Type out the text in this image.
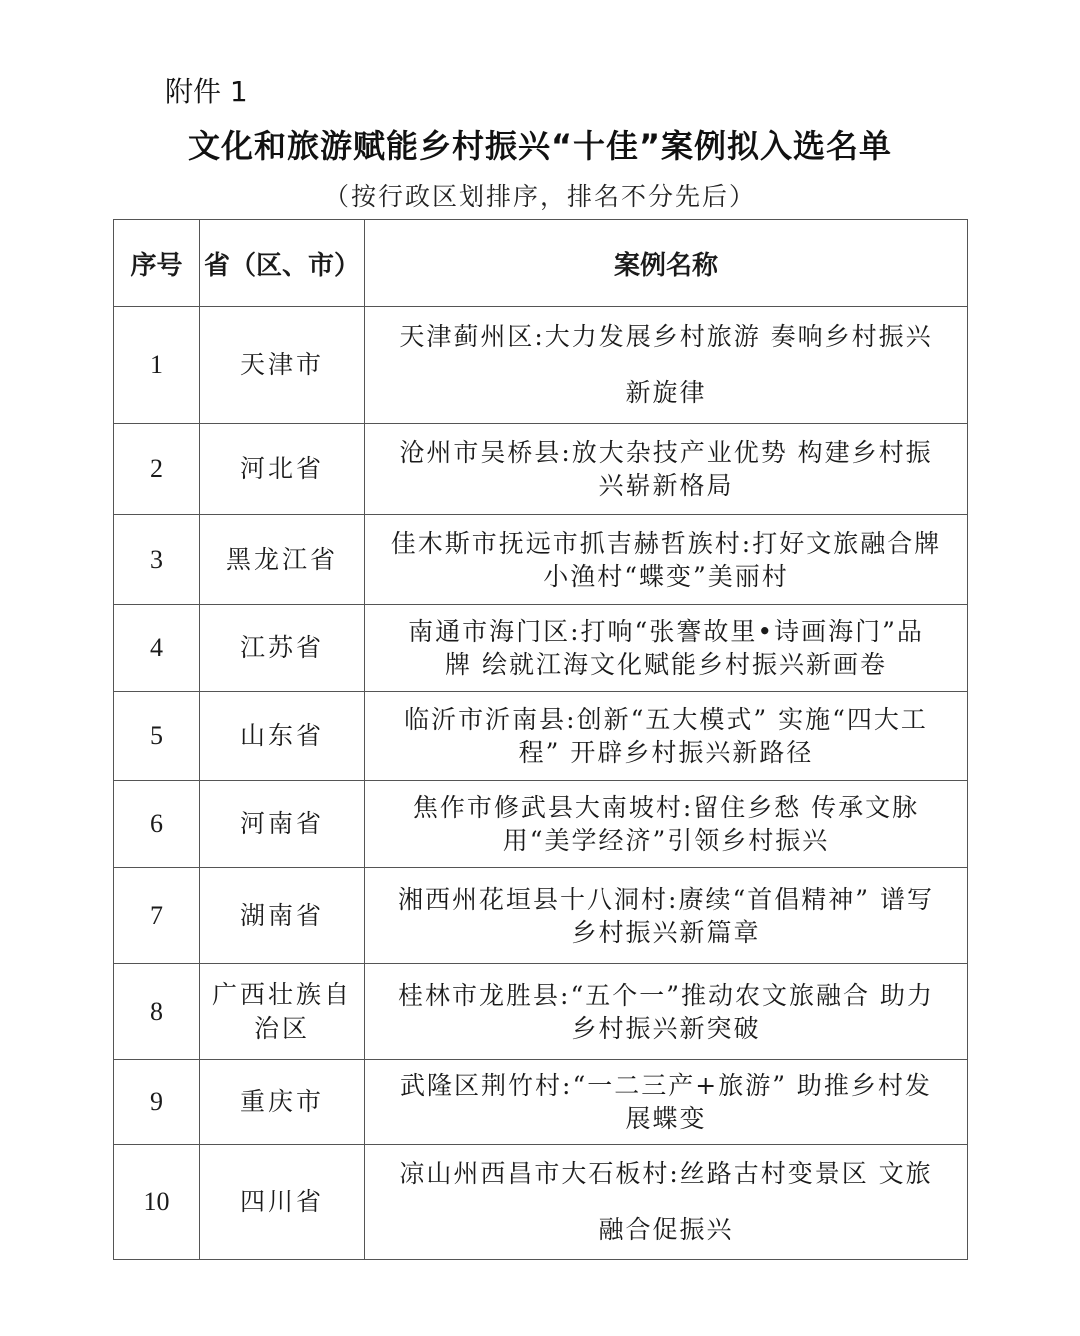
附件 1
文化和旅游赋能乡村振兴“十佳”案例拟入选名单
（按行政区划排序，排名不分先后）
序号	省（区、市）	案例名称
1	天津市	天津蓟州区:大力发展乡村旅游 奏响乡村振兴
新旋律

2	河北省	沧州市吴桥县:放大杂技产业优势 构建乡村振
兴崭新格局

3	黑龙江省	佳木斯市抚远市抓吉赫哲族村:打好文旅融合牌
小渔村“蝶变”美丽村

4	江苏省	南通市海门区:打响“张謇故里•诗画海门”品
牌 绘就江海文化赋能乡村振兴新画卷

5	山东省	临沂市沂南县:创新“五大模式” 实施“四大工
程” 开辟乡村振兴新路径

6	河南省	焦作市修武县大南坡村:留住乡愁 传承文脉
用“美学经济”引领乡村振兴

7	湖南省	湘西州花垣县十八洞村:赓续“首倡精神” 谱写
乡村振兴新篇章

8	广西壮族自
治区	桂林市龙胜县:“五个一”推动农文旅融合 助力
乡村振兴新突破

9	重庆市	武隆区荆竹村:“一二三产+旅游” 助推乡村发
展蝶变

10	四川省	凉山州西昌市大石板村:丝路古村变景区 文旅
融合促振兴
